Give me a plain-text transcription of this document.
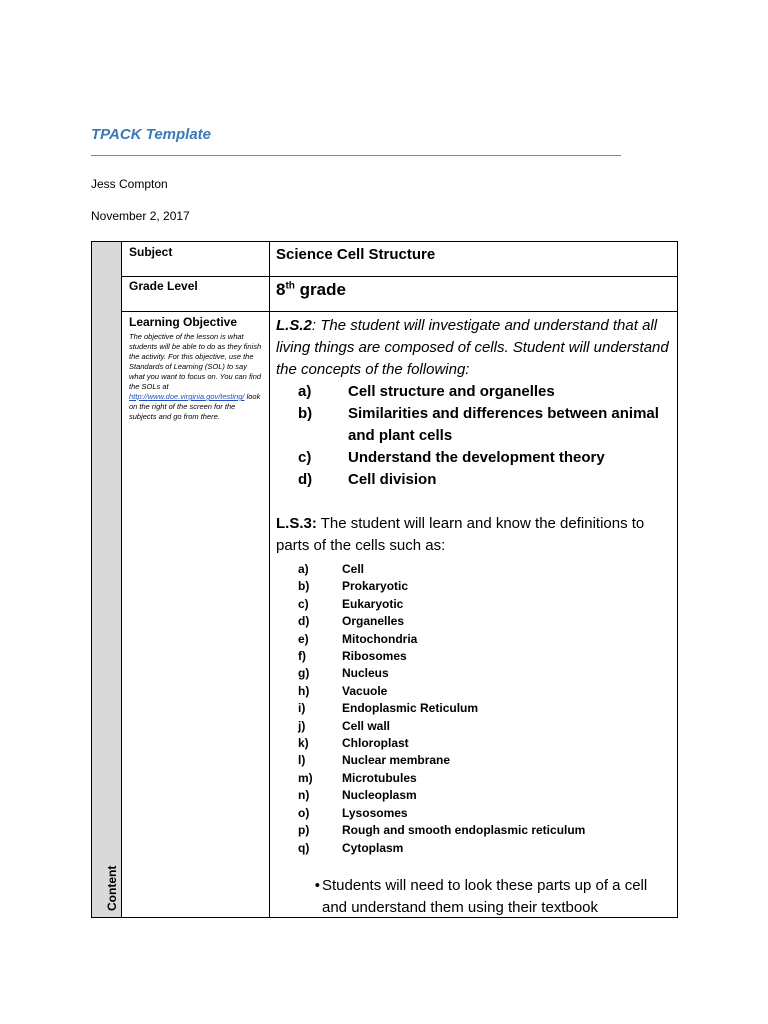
TPACK Template
Jess Compton
November 2, 2017
Content
Subject	Science Cell Structure
Grade Level	8th grade
Learning Objective
The objective of the lesson is what students will be able to do as they finish the activity. For this objective, use the Standards of Learning (SOL) to say what you want to focus on. You can find the SOLs at http://www.doe.virginia.gov/testing/ look on the right of the screen for the subjects and go from there.

L.S.2: The student will investigate and understand that all living things are composed of cells. Student will understand the concepts of the following:

a)	Cell structure and organelles
b)	Similarities and differences between animal and plant cells
c)	Understand the development theory
d)	Cell division

L.S.3: The student will learn and know the definitions to parts of the cells such as:

a)	Cell
b)	Prokaryotic
c)	Eukaryotic
d)	Organelles
e)	Mitochondria
f)	Ribosomes
g)	Nucleus
h)	Vacuole
i)	Endoplasmic Reticulum
j)	Cell wall
k)	Chloroplast
l)	Nuclear membrane
m)	Microtubules
n)	Nucleoplasm
o)	Lysosomes
p)	Rough and smooth endoplasmic reticulum
q)	Cytoplasm
• Students will need to look these parts up of a cell and understand them using their textbook
